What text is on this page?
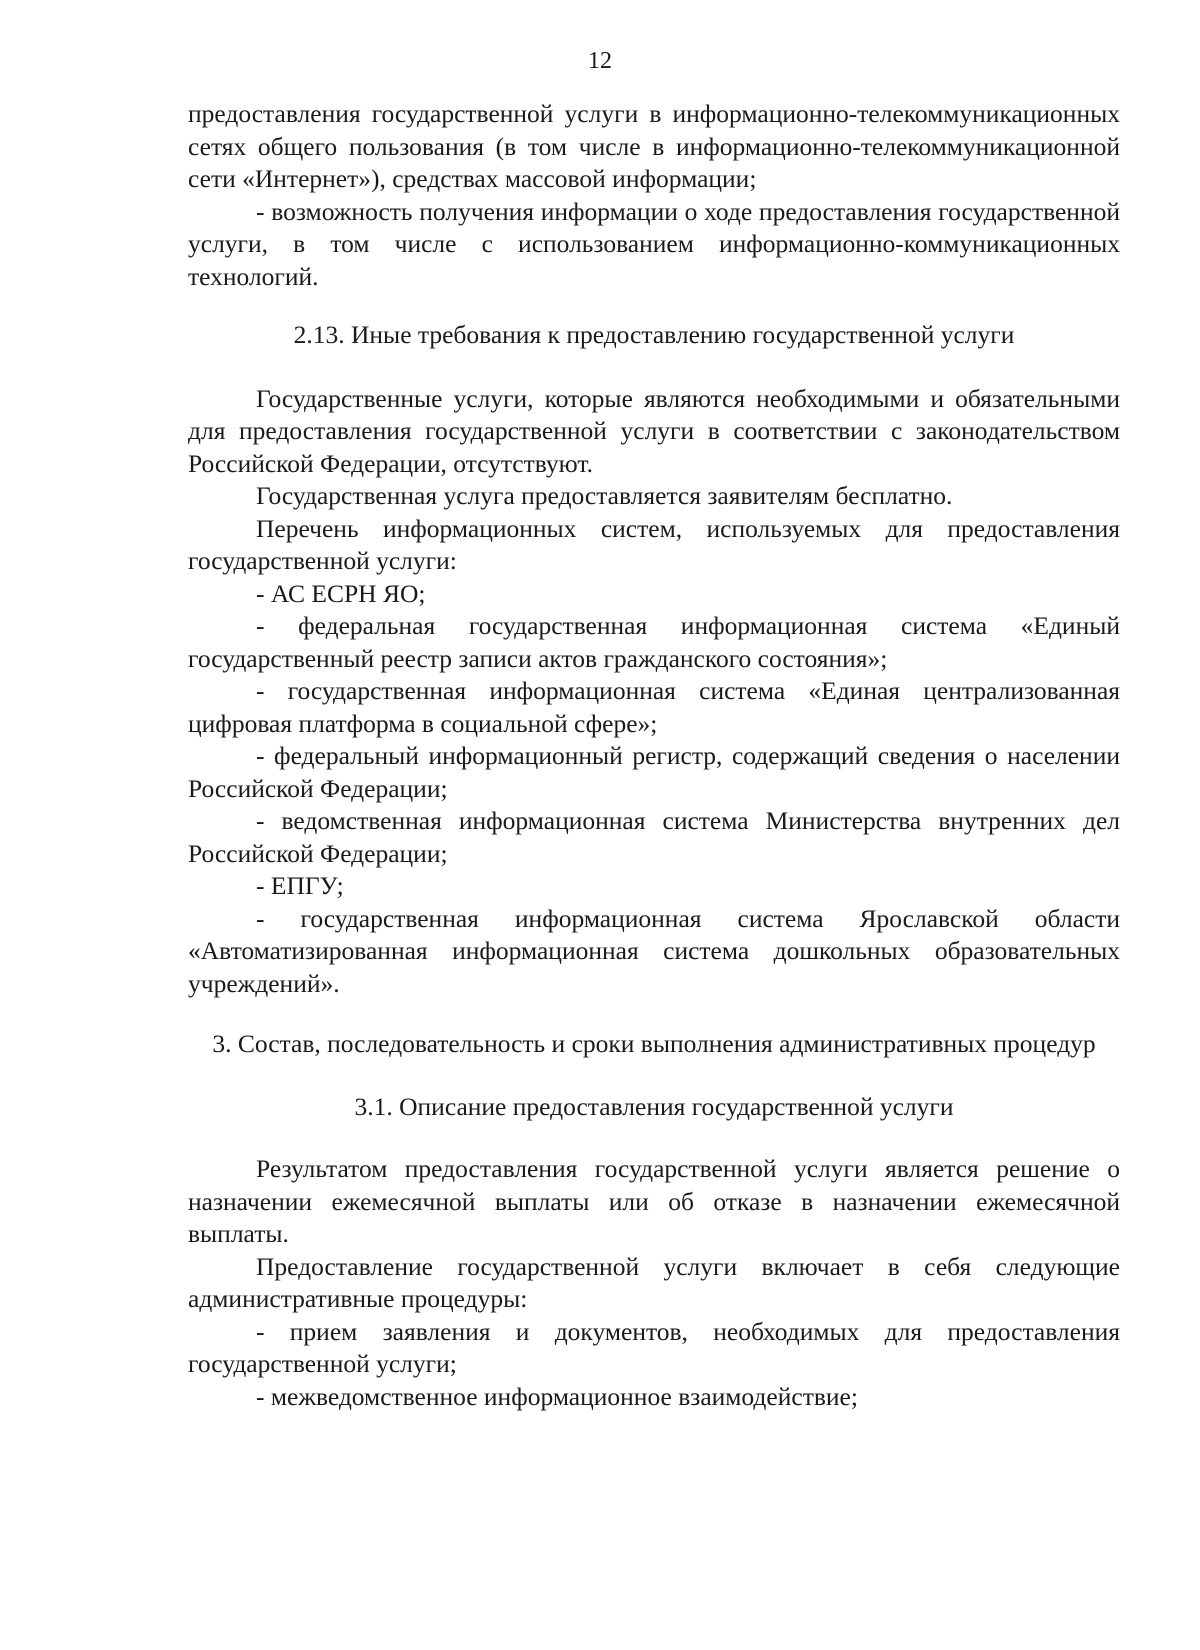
12

предоставления государственной услуги в информационно-телекоммуникационных сетях общего пользования (в том числе в информационно-телекоммуникационной сети «Интернет»), средствах массовой информации;

- возможность получения информации о ходе предоставления государственной услуги, в том числе с использованием информационно-коммуникационных технологий.

2.13. Иные требования к предоставлению государственной услуги

Государственные услуги, которые являются необходимыми и обязательными для предоставления государственной услуги в соответствии с законодательством Российской Федерации, отсутствуют.

Государственная услуга предоставляется заявителям бесплатно.

Перечень информационных систем, используемых для предоставления государственной услуги:

- АС ЕСРН ЯО;

- федеральная государственная информационная система «Единый государственный реестр записи актов гражданского состояния»;

- государственная информационная система «Единая централизованная цифровая платформа в социальной сфере»;

- федеральный информационный регистр, содержащий сведения о населении Российской Федерации;

- ведомственная информационная система Министерства внутренних дел Российской Федерации;

- ЕПГУ;

- государственная информационная система Ярославской области «Автоматизированная информационная система дошкольных образовательных учреждений».

3. Состав, последовательность и сроки выполнения административных процедур

3.1. Описание предоставления государственной услуги

Результатом предоставления государственной услуги является решение о назначении ежемесячной выплаты или об отказе в назначении ежемесячной выплаты.

Предоставление государственной услуги включает в себя следующие административные процедуры:

- прием заявления и документов, необходимых для предоставления государственной услуги;

- межведомственное информационное взаимодействие;
